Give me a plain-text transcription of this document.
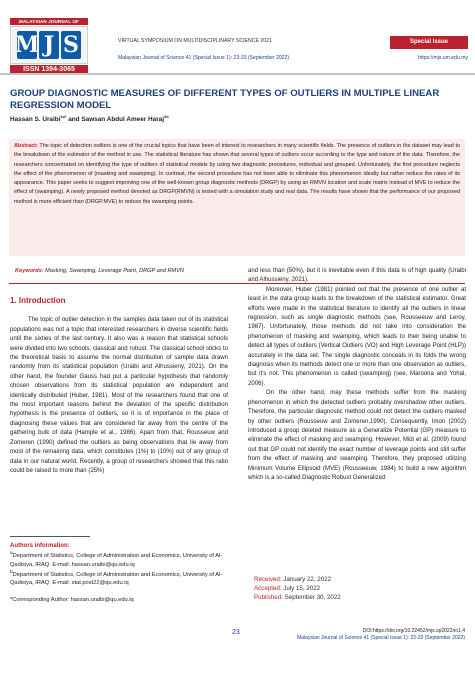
MALAYSIAN JOURNAL OF
M J S
ISSN 1394-3065
VIRTUAL SYMPOSIUM ON MULTIDISCIPLINARY SCIENCE 2021	Special Issue
Malaysian Journal of Science 41 (Special Issue 1): 23-33 (September 2022)	https://mjs.um.edu.my
GROUP DIAGNOSTIC MEASURES OF DIFFERENT TYPES OF OUTLIERS IN MULTIPLE LINEAR REGRESSION MODEL
Hassan S. Uraibi$^{1a*}$ and Sawsan Abdul Ameer Haraj$^{2b}$
Abstract: The topic of detection outliers is one of the crucial topics that have been of interest to researchers in many scientific fields. The presence of outliers in the dataset may lead to the breakdown of the estimator of the method in use. The statistical literature has shown that several types of outliers occur according to the type and nature of the data. Therefore, the researchers concentrated on identifying the type of outliers of statistical models by using two diagnostic procedures, individual and grouped. Unfortunately, the first procedure neglects the effect of the phenomenon of (masking and swamping). In contrast, the second procedure has not been able to eliminate this phenomenon ideally but rather reduce the rates of its appearance. This paper seeks to suggest improving one of the well-known group diagnostic methods (DRGP) by using an RMVN location and scale matrix instead of MVE to reduce the effect of (swamping). A newly proposed method denoted as DRGP(RMVN) is tested with a simulation study and real data. The results have shown that the performance of our proposed method is more efficient than (DRGP.MVE) to reduce the swamping points.
Keywords: Masking, Swamping, Leverage Point, DRGP and RMVN
1. Introduction

The topic of outlier detection in the samples data taken out of its statistical populations was not a topic that interested researchers in diverse scientific fields until the sixties of the last century. It also was a reason that statistical schools were divided into two schools, classical and robust. The classical school sticks to the theoretical basis to assume the normal distribution of sample data drawn randomly from its statistical population (Uraibi and Alhussieny, 2021). On the other hand, the founder Gauss had put a particular hypothesis that randomly chosen observations from its statistical population are independent and identically distributed (Huber, 1981). Most of the researchers found that one of the most important reasons behind the deviation of the specific distribution hypothesis is the presence of outliers, so it is of importance in the place of diagnosing these values that are considered far away from the centre of the gathering bulk of data (Hample et al., 1986). Apart from that, Rousseuw and Zomeren (1990) defined the outliers as being observations that lie away from most of the remaining data, which constitutes (1%) to (10%) out of any group of data in our natural world. Recently, a group of researchers showed that this ratio could be raised to more than (25%)

Authors information:
$^a$Department of Statistics, College of Administration and Economics, University of Al-Qadisiya, IRAQ. E-mail: hassan.uraibi@qu.edu.iq
$^b$Department of Statistics, College of Administration and Economics, University of Al-Qadisiya, IRAQ. E-mail: stat.post22@qu.edu.iq
*Corresponding Author: hassan.uraibi@qu.edu.iq

and less than (50%), but it is inevitable even if this data is of high quality (Uraibi and Alhussieny, 2021).

Moreover, Huber (1981) pointed out that the presence of one outlier at least in the data group leads to the breakdown of the statistical estimator. Great efforts were made in the statistical literature to identify all the outliers in linear regression, such as single diagnostic methods (see, Rousseeuw and Leroy, 1987). Unfortunately, those methods did not take into consideration the phenomenon of masking and swamping, which leads to their being unable to detect all types of outliers (Vertical Outliers (VO) and High Leverage Point (HLP)) accurately in the data set. The single diagnostic conceals in its folds the wrong diagnosis when its methods detect one or more than one observation as outliers, but it's not. This phenomenon is called (swamping) (see, Maroona and Yohal, 2006).

On the other hand, may these methods suffer from the masking phenomenon in which the detected outliers probably overshadow other outliers. Therefore, the particular diagnostic method could not detect the outliers masked by other outliers (Rousseuw and Zomeren,1990). Consequently, Imon (2002) introduced a group deleted measure as a Generalize Potential (GP) measure to eliminate the effect of masking and swamping. However, Midi et al. (2009) found out that GP could not identify the exact number of leverage points and still suffer from the effect of masking and swamping. Therefore, they proposed utilizing Minimum Volume Ellipsoid (MVE) (Rousseeuw, 1984) to build a new algorithm which is a so-called Diagnostic Robust Generalized

Received: January 22, 2022
Accepted: July 15, 2022
Published: September 30, 2022
23	DOI:https://doi.org/10.22452/mjs.sp2022no1.4
Malaysian Journal of Science 41 (Special Issue 1): 22-32 (September 2022)
